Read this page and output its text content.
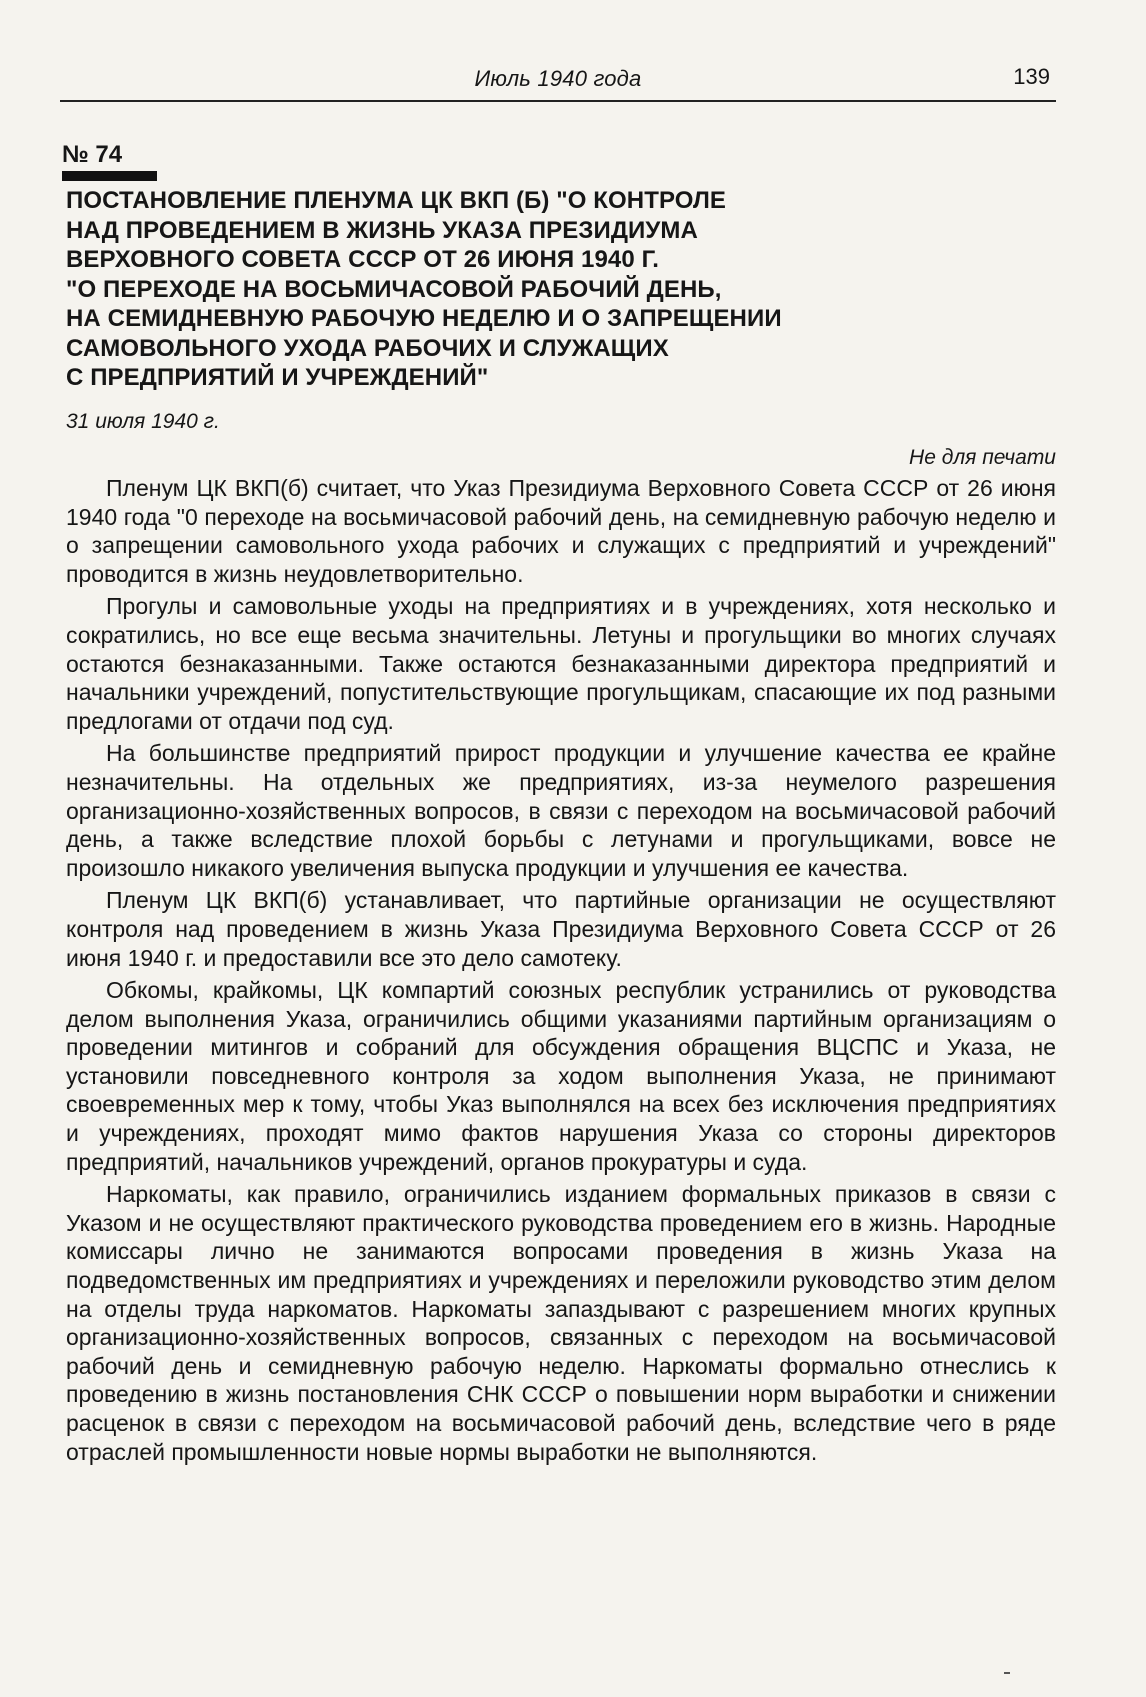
Июль 1940 года	139
№ 74
ПОСТАНОВЛЕНИЕ ПЛЕНУМА ЦК ВКП (Б) "О КОНТРОЛЕ
НАД ПРОВЕДЕНИЕМ В ЖИЗНЬ УКАЗА ПРЕЗИДИУМА
ВЕРХОВНОГО СОВЕТА СССР ОТ 26 ИЮНЯ 1940 Г.
"О ПЕРЕХОДЕ НА ВОСЬМИЧАСОВОЙ РАБОЧИЙ ДЕНЬ,
НА СЕМИДНЕВНУЮ РАБОЧУЮ НЕДЕЛЮ И О ЗАПРЕЩЕНИИ
САМОВОЛЬНОГО УХОДА РАБОЧИХ И СЛУЖАЩИХ
С ПРЕДПРИЯТИЙ И УЧРЕЖДЕНИЙ"
31 июля 1940 г.
Не для печати

Пленум ЦК ВКП(б) считает, что Указ Президиума Верховного Совета СССР от 26 июня 1940 года "0 переходе на восьмичасовой рабочий день, на семидневную рабочую неделю и о запрещении самовольного ухода рабочих и служащих с предприятий и учреждений" проводится в жизнь неудовлетворительно.

Прогулы и самовольные уходы на предприятиях и в учреждениях, хотя несколько и сократились, но все еще весьма значительны. Летуны и прогульщики во многих случаях остаются безнаказанными. Также остаются безнаказанными директора предприятий и начальники учреждений, попустительствующие прогульщикам, спасающие их под разными предлогами от отдачи под суд.

На большинстве предприятий прирост продукции и улучшение качества ее крайне незначительны. На отдельных же предприятиях, из-за неумелого разрешения организационно-хозяйственных вопросов, в связи с переходом на восьмичасовой рабочий день, а также вследствие плохой борьбы с летунами и прогульщиками, вовсе не произошло никакого увеличения выпуска продукции и улучшения ее качества.

Пленум ЦК ВКП(б) устанавливает, что партийные организации не осуществляют контроля над проведением в жизнь Указа Президиума Верховного Совета СССР от 26 июня 1940 г. и предоставили все это дело самотеку.

Обкомы, крайкомы, ЦК компартий союзных республик устранились от руководства делом выполнения Указа, ограничились общими указаниями партийным организациям о проведении митингов и собраний для обсуждения обращения ВЦСПС и Указа, не установили повседневного контроля за ходом выполнения Указа, не принимают своевременных мер к тому, чтобы Указ выполнялся на всех без исключения предприятиях и учреждениях, проходят мимо фактов нарушения Указа со стороны директоров предприятий, начальников учреждений, органов прокуратуры и суда.

Наркоматы, как правило, ограничились изданием формальных приказов в связи с Указом и не осуществляют практического руководства проведением его в жизнь. Народные комиссары лично не занимаются вопросами проведения в жизнь Указа на подведомственных им предприятиях и учреждениях и переложили руководство этим делом на отделы труда наркоматов. Наркоматы запаздывают с разрешением многих крупных организационно-хозяйственных вопросов, связанных с переходом на восьмичасовой рабочий день и семидневную рабочую неделю. Наркоматы формально отнеслись к проведению в жизнь постановления СНК СССР о повышении норм выработки и снижении расценок в связи с переходом на восьмичасовой рабочий день, вследствие чего в ряде отраслей промышленности новые нормы выработки не выполняются.
